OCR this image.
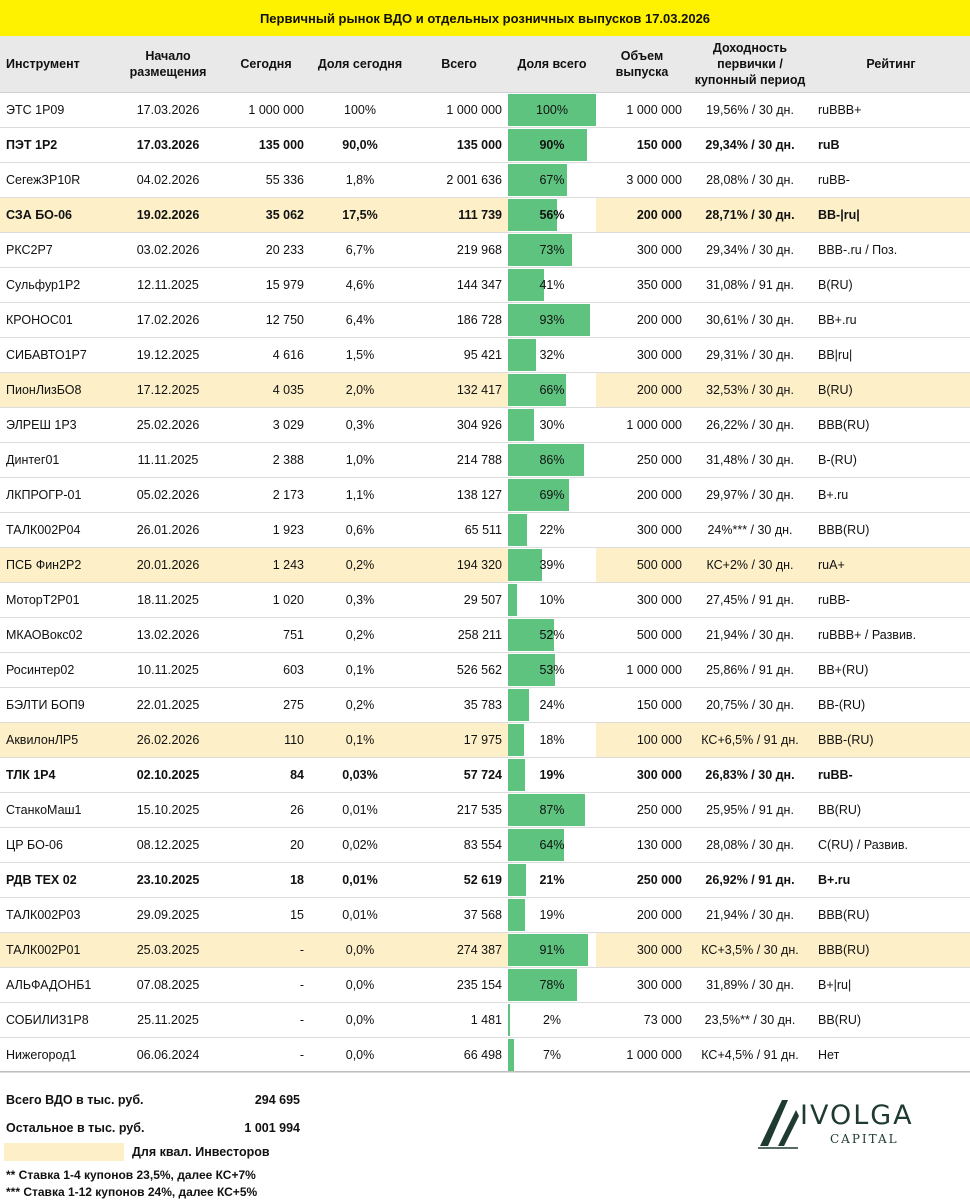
Первичный рынок ВДО и отдельных розничных выпусков 17.03.2026
Инструмент	Начало размещения	Сегодня	Доля сегодня	Всего	Доля всего	Объем выпуска	Доходность первички / купонный период	Рейтинг
ЭТС 1Р09	17.03.2026	1 000 000	100%	1 000 000	100%	1 000 000	19,56% / 30 дн.	ruBBB+
ПЭТ 1Р2	17.03.2026	135 000	90,0%	135 000	90%	150 000	29,34% / 30 дн.	ruB
СегежЗР10R	04.02.2026	55 336	1,8%	2 001 636	67%	3 000 000	28,08% / 30 дн.	ruBB-
СЗА БО-06	19.02.2026	35 062	17,5%	111 739	56%	200 000	28,71% / 30 дн.	BB-|ru|
РКС2Р7	03.02.2026	20 233	6,7%	219 968	73%	300 000	29,34% / 30 дн.	BBB-.ru / Поз.
Сульфур1Р2	12.11.2025	15 979	4,6%	144 347	41%	350 000	31,08% / 91 дн.	B(RU)
КРОНОС01	17.02.2026	12 750	6,4%	186 728	93%	200 000	30,61% / 30 дн.	BB+.ru
СИБАВТО1Р7	19.12.2025	4 616	1,5%	95 421	32%	300 000	29,31% / 30 дн.	BB|ru|
ПионЛизБО8	17.12.2025	4 035	2,0%	132 417	66%	200 000	32,53% / 30 дн.	B(RU)
ЭЛРЕШ 1Р3	25.02.2026	3 029	0,3%	304 926	30%	1 000 000	26,22% / 30 дн.	BBB(RU)
Динтег01	11.11.2025	2 388	1,0%	214 788	86%	250 000	31,48% / 30 дн.	B-(RU)
ЛКПРОГР-01	05.02.2026	2 173	1,1%	138 127	69%	200 000	29,97% / 30 дн.	B+.ru
ТАЛК002Р04	26.01.2026	1 923	0,6%	65 511	22%	300 000	24%*** / 30 дн.	BBB(RU)
ПСБ Фин2Р2	20.01.2026	1 243	0,2%	194 320	39%	500 000	КС+2% / 30 дн.	ruA+
МоторТ2Р01	18.11.2025	1 020	0,3%	29 507	10%	300 000	27,45% / 91 дн.	ruBB-
МКАОВокс02	13.02.2026	751	0,2%	258 211	52%	500 000	21,94% / 30 дн.	ruBBB+ / Развив.
Росинтер02	10.11.2025	603	0,1%	526 562	53%	1 000 000	25,86% / 91 дн.	BB+(RU)
БЭЛТИ БОП9	22.01.2025	275	0,2%	35 783	24%	150 000	20,75% / 30 дн.	BB-(RU)
АквилонЛР5	26.02.2026	110	0,1%	17 975	18%	100 000	КС+6,5% / 91 дн.	BBB-(RU)
ТЛК 1Р4	02.10.2025	84	0,03%	57 724	19%	300 000	26,83% / 30 дн.	ruBB-
СтанкоМаш1	15.10.2025	26	0,01%	217 535	87%	250 000	25,95% / 91 дн.	BB(RU)
ЦР БО-06	08.12.2025	20	0,02%	83 554	64%	130 000	28,08% / 30 дн.	C(RU) / Развив.
РДВ ТЕХ 02	23.10.2025	18	0,01%	52 619	21%	250 000	26,92% / 91 дн.	B+.ru
ТАЛК002Р03	29.09.2025	15	0,01%	37 568	19%	200 000	21,94% / 30 дн.	BBB(RU)
ТАЛК002Р01	25.03.2025	-	0,0%	274 387	91%	300 000	КС+3,5% / 30 дн.	BBB(RU)
АЛЬФАДОНБ1	07.08.2025	-	0,0%	235 154	78%	300 000	31,89% / 30 дн.	B+|ru|
СОБИЛИЗ1Р8	25.11.2025	-	0,0%	1 481	2%	73 000	23,5%** / 30 дн.	BB(RU)
Нижегород1	06.06.2024	-	0,0%	66 498	7%	1 000 000	КС+4,5% / 91 дн.	Нет
Всего ВДО в тыс. руб.	294 695
Остальное в тыс. руб.	1 001 994
Для квал. Инвесторов
** Ставка 1-4 купонов 23,5%, далее КС+7%
*** Ставка 1-12 купонов 24%, далее КС+5%
IVOLGA
CAPITAL
